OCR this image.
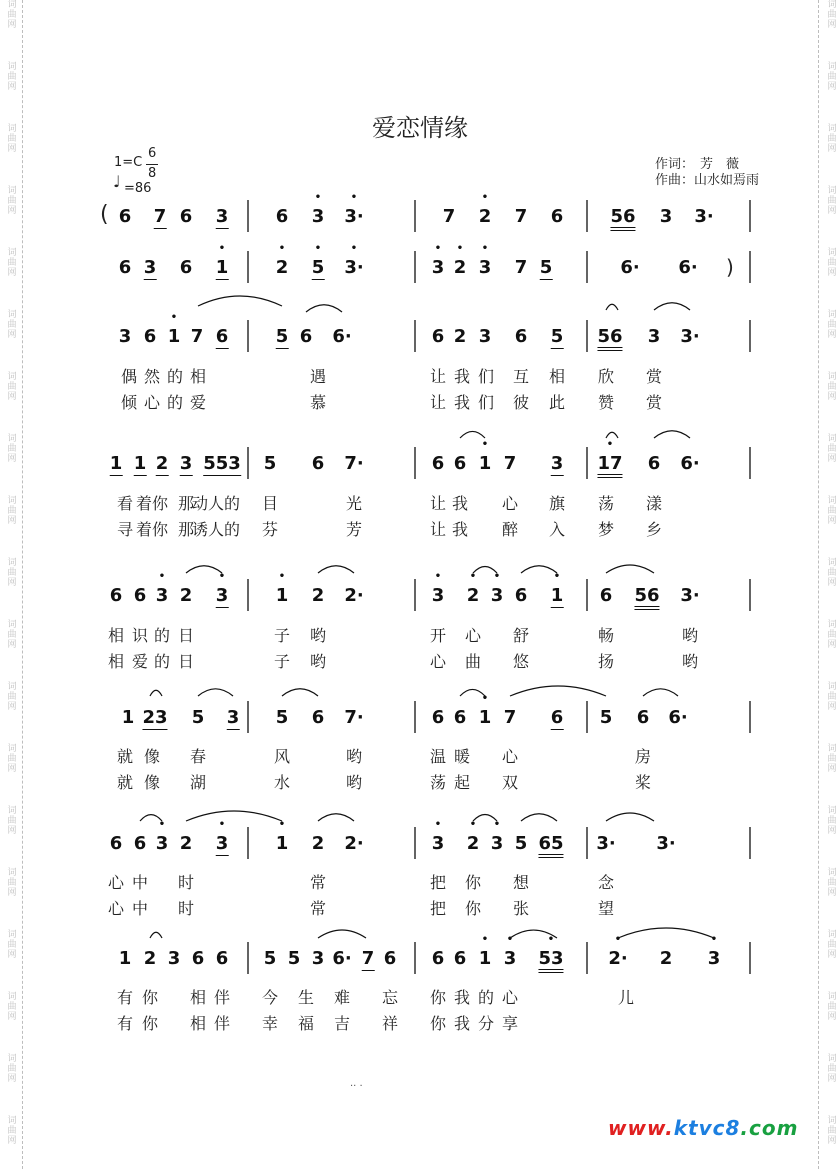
词
曲
网
词
曲
网
词
曲
网
词
曲
网
词
曲
网
词
曲
网
词
曲
网
词
曲
网
词
曲
网
词
曲
网
词
曲
网
词
曲
网
词
曲
网
词
曲
网
词
曲
网
词
曲
网
词
曲
网
词
曲
网
词
曲
网
词
曲
网
词
曲
网
词
曲
网
词
曲
网
词
曲
网
词
曲
网
词
曲
网
词
曲
网
词
曲
网
词
曲
网
词
曲
网
词
曲
网
词
曲
网
词
曲
网
词
曲
网
词
曲
网
词
曲
网
词
曲
网
词
曲
网
爱恋情缘
1=C
6
8
♩ =86
作词： 芳　薇
作曲： 山水如焉雨
(
)
6 7 6 3	6 • 3 • 3·	7 • 2 7 6	56 3 3·
6 3 6 • 1	• 2 • 5 • 3·	• 3 • 2 • 3 7 5	6· 6·
3 6 • 1 7 6	5 6 6·	6 2 3 6 5 56 3 3·
1 1 2 3 553 5 6 7·	6 6 • 1 7 3 • 17 6 6·
6 6 • 3 2 • 3	• 1 2 2·	• 3 • 2 • 3 6 • 1 6 56 3·
1 23 5 3 5 6 7·	6 6 • 1 7 6 5 6 6·
6 6 • 3 2 • 3	• 1 2 2·	• 3 • 2 • 3 5 65 3· 3·
1 2 3 6 6 5 5 3 6· 7 6 6 6 • 1 • 3 • 53 • 2· 2 • 3
偶 然 的 相	遇	让 我 们 互 相 欣 赏
倾 心 的 爱	慕	让 我 们 彼 此 赞 赏
看 着你 那
动人的 目	光	让 我 心 旗 荡 漾
寻 着你 那
诱人的 芬	芳	让 我 醉 入 梦 乡
相 识 的 日	子 哟	开 心 舒	畅	哟
相 爱 的 日	子 哟	心 曲 悠	扬	哟
就 像 春	风	哟	温 暖 心	房
就 像 湖	水	哟	荡 起 双	桨
心 中 时	常	把 你 想	念
心 中 时	常	把 你 张	望
有 你 相 伴 今 生 难 忘 你 我 的 心	儿
有 你 相 伴 幸 福 吉 祥 你 我 分 享
.. .
www.ktvc8.com
